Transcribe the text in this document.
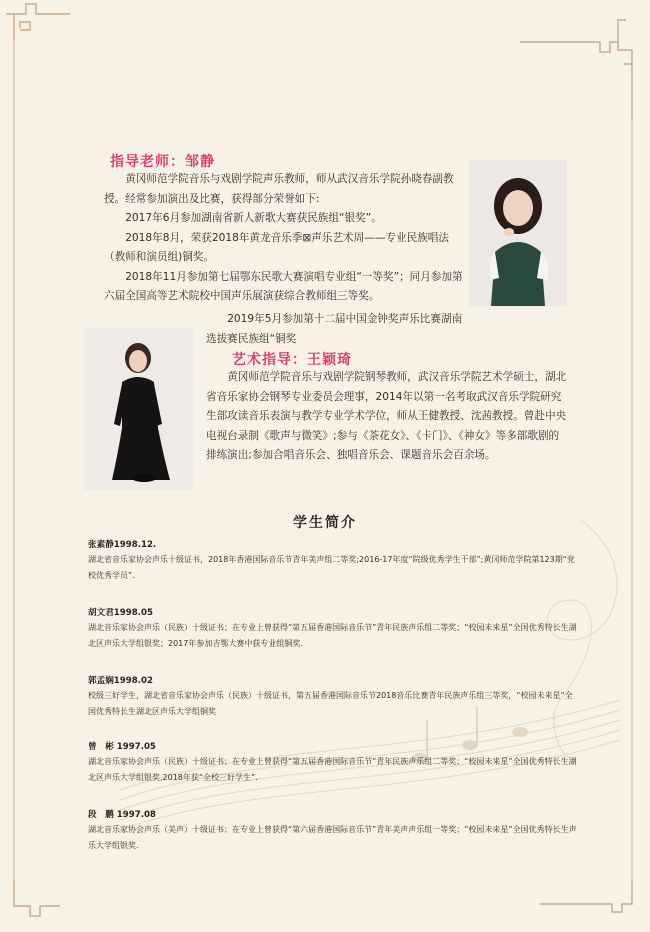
指导老师：邹静

黄冈师范学院音乐与戏剧学院声乐教师，师从武汉音乐学院孙晓春副教授。经常参加演出及比赛，获得部分荣誉如下:

2017年6月参加湖南省新人新歌大赛获民族组“银奖”。

2018年8月，荣获2018年黄龙音乐季⊠声乐艺术周——专业民族唱法（教师和演员组)铜奖。

2018年11月参加第七届鄂东民歌大赛演唱专业组“一等奖”；同月参加第六届全国高等艺术院校中国声乐展演获综合教师组三等奖。

2019年5月参加第十二届中国金钟奖声乐比赛湖南选拔赛民族组“铜奖

艺术指导：王颖琦

黄冈师范学院音乐与戏剧学院钢琴教师，武汉音乐学院艺术学硕士，湖北省音乐家协会钢琴专业委员会理事，2014年以第一名考取武汉音乐学院研究生部攻读音乐表演与教学专业学术学位，师从王健教授、沈茜教授。曾赴中央电视台录制《歌声与微笑》;参与《茶花女》、《卡门》、《神女》等多部歌剧的排练演出;参加合唱音乐会、独唱音乐会、课题音乐会百余场。

学生简介
张素静1998.12.
湖北省音乐家协会声乐十级证书，2018年香港国际音乐节青年美声组二等奖;2016-17年度“院级优秀学生干部”;黄冈师范学院第123期“党校优秀学员”.
胡文君1998.05
湖北音乐家协会声乐（民族）十级证书；在专业上曾获得“第五届香港国际音乐节”青年民族声乐组二等奖；“校园未来星”全国优秀特长生湖北区声乐大学组银奖；2017年参加吉鄂大赛中获专业组铜奖.
郭孟娴1998.02
校级三好学生，湖北省音乐家协会声乐（民族）十级证书，第五届香港国际音乐节2018音乐比赛青年民族声乐组三等奖，“校园未来星”全国优秀特长生湖北区声乐大学组铜奖
曾　彬 1997.05
湖北音乐家协会声乐（民族）十级证书；在专业上曾获得“第五届香港国际音乐节”青年民族声乐组二等奖；“校园未来星”全国优秀特长生湖北区声乐大学组银奖,2018年获“全校三好学生”.
段　鹏 1997.08
湖北音乐家协会声乐（美声）十级证书；在专业上曾获得“第六届香港国际音乐节”青年美声声乐组一等奖；“校园未来星”全国优秀特长生声乐大学组银奖.
